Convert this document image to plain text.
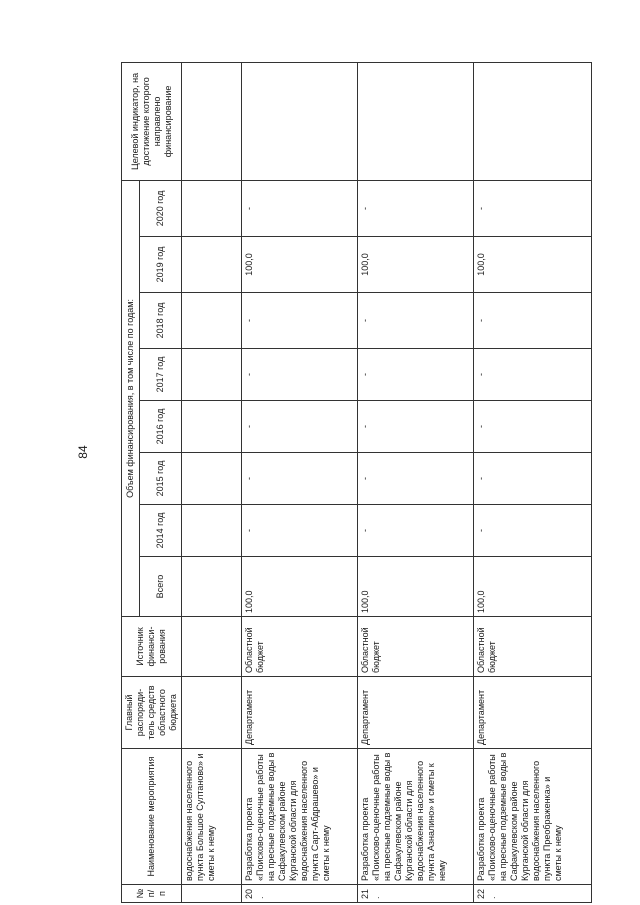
84
№ п/п	Наименование мероприятия	Главный распоряди-тель средств областного бюджета	Источник финанси-рования	Объем финансирования, в том числе по годам:								Целевой индикатор, на достижение которого направлено финансирование
				Всего	2014 год	2015 год	2016 год	2017 год	2018 год	2019 год	2020 год	
	водоснабжения населенного пункта Большое Султаново» и сметы к нему											
20.	Разработка проекта «Поисково-оценочные работы на пресные подземные воды в Сафакулевском районе Курганской области для водоснабжения населенного пункта Сарт-Абдрашево» и сметы к нему	Департамент	Областной бюджет	100,0	-	-	-	-	-	100,0	-	
21.	Разработка проекта «Поисково-оценочные работы на пресные подземные воды в Сафакулевском районе Курганской области для водоснабжения населенного пункта Азналино» и сметы к нему	Департамент	Областной бюджет	100,0	-	-	-	-	-	100,0	-	
22.	Разработка проекта «Поисково-оценочные работы на пресные подземные воды в Сафакулевском районе Курганской области для водоснабжения населенного пункта Преображенка» и сметы к нему	Департамент	Областной бюджет	100,0	-	-	-	-	-	100,0	-	
